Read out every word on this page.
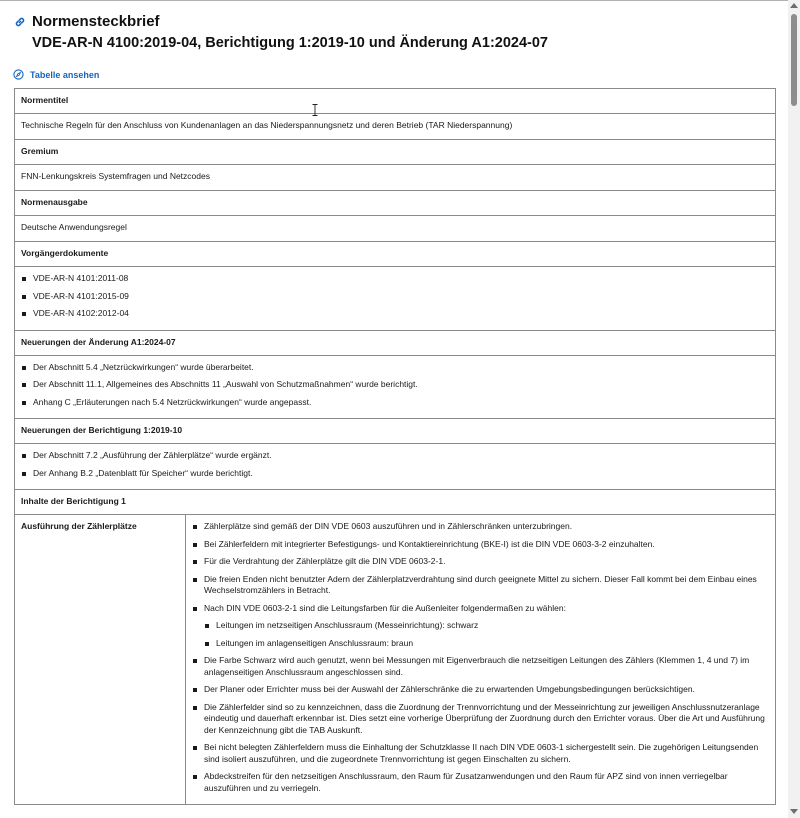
Normensteckbrief
VDE-AR-N 4100:2019-04, Berichtigung 1:2019-10 und Änderung A1:2024-07
Tabelle ansehen
Normentitel
Technische Regeln für den Anschluss von Kundenanlagen an das Niederspannungsnetz und deren Betrieb (TAR Niederspannung)
Gremium
FNN-Lenkungskreis Systemfragen und Netzcodes
Normenausgabe
Deutsche Anwendungsregel
Vorgängerdokumente

VDE-AR-N 4101:2011-08
VDE-AR-N 4101:2015-09
VDE-AR-N 4102:2012-04

Neuerungen der Änderung A1:2024-07

Der Abschnitt 5.4 „Netzrückwirkungen“ wurde überarbeitet.
Der Abschnitt 11.1, Allgemeines des Abschnitts 11 „Auswahl von Schutzmaßnahmen“ wurde berichtigt.
Anhang C „Erläuterungen nach 5.4 Netzrückwirkungen“ wurde angepasst.

Neuerungen der Berichtigung 1:2019-10

Der Abschnitt 7.2 „Ausführung der Zählerplätze“ wurde ergänzt.
Der Anhang B.2 „Datenblatt für Speicher“ wurde berichtigt.

Inhalte der Berichtigung 1
Ausführung der Zählerplätze	Zählerplätze sind gemäß der DIN VDE 0603 auszuführen und in Zählerschränken unterzubringen.
Bei Zählerfeldern mit integrierter Befestigungs- und Kontaktiereinrichtung (BKE-I) ist die DIN VDE 0603-3-2 einzuhalten.
Für die Verdrahtung der Zählerplätze gilt die DIN VDE 0603-2-1.
Die freien Enden nicht benutzter Adern der Zählerplatzverdrahtung sind durch geeignete Mittel zu sichern. Dieser Fall kommt bei dem Einbau eines Wechselstromzählers in Betracht.
Nach DIN VDE 0603-2-1 sind die Leitungsfarben für die Außenleiter folgendermaßen zu wählen:
Leitungen im netzseitigen Anschlussraum (Messeinrichtung): schwarz
Leitungen im anlagenseitigen Anschlussraum: braun
Die Farbe Schwarz wird auch genutzt, wenn bei Messungen mit Eigenverbrauch die netzseitigen Leitungen des Zählers (Klemmen 1, 4 und 7) im anlagenseitigen Anschlussraum angeschlossen sind.
Der Planer oder Errichter muss bei der Auswahl der Zählerschränke die zu erwartenden Umgebungsbedingungen berücksichtigen.
Die Zählerfelder sind so zu kennzeichnen, dass die Zuordnung der Trennvorrichtung und der Messeinrichtung zur jeweiligen Anschlussnutzeranlage eindeutig und dauerhaft erkennbar ist. Dies setzt eine vorherige Überprüfung der Zuordnung durch den Errichter voraus. Über die Art und Ausführung der Kennzeichnung gibt die TAB Auskunft.
Bei nicht belegten Zählerfeldern muss die Einhaltung der Schutzklasse II nach DIN VDE 0603-1 sichergestellt sein. Die zugehörigen Leitungsenden sind isoliert auszuführen, und die zugeordnete Trennvorrichtung ist gegen Einschalten zu sichern.
Abdeckstreifen für den netzseitigen Anschlussraum, den Raum für Zusatzanwendungen und den Raum für APZ sind von innen verriegelbar auszuführen und zu verriegeln.
